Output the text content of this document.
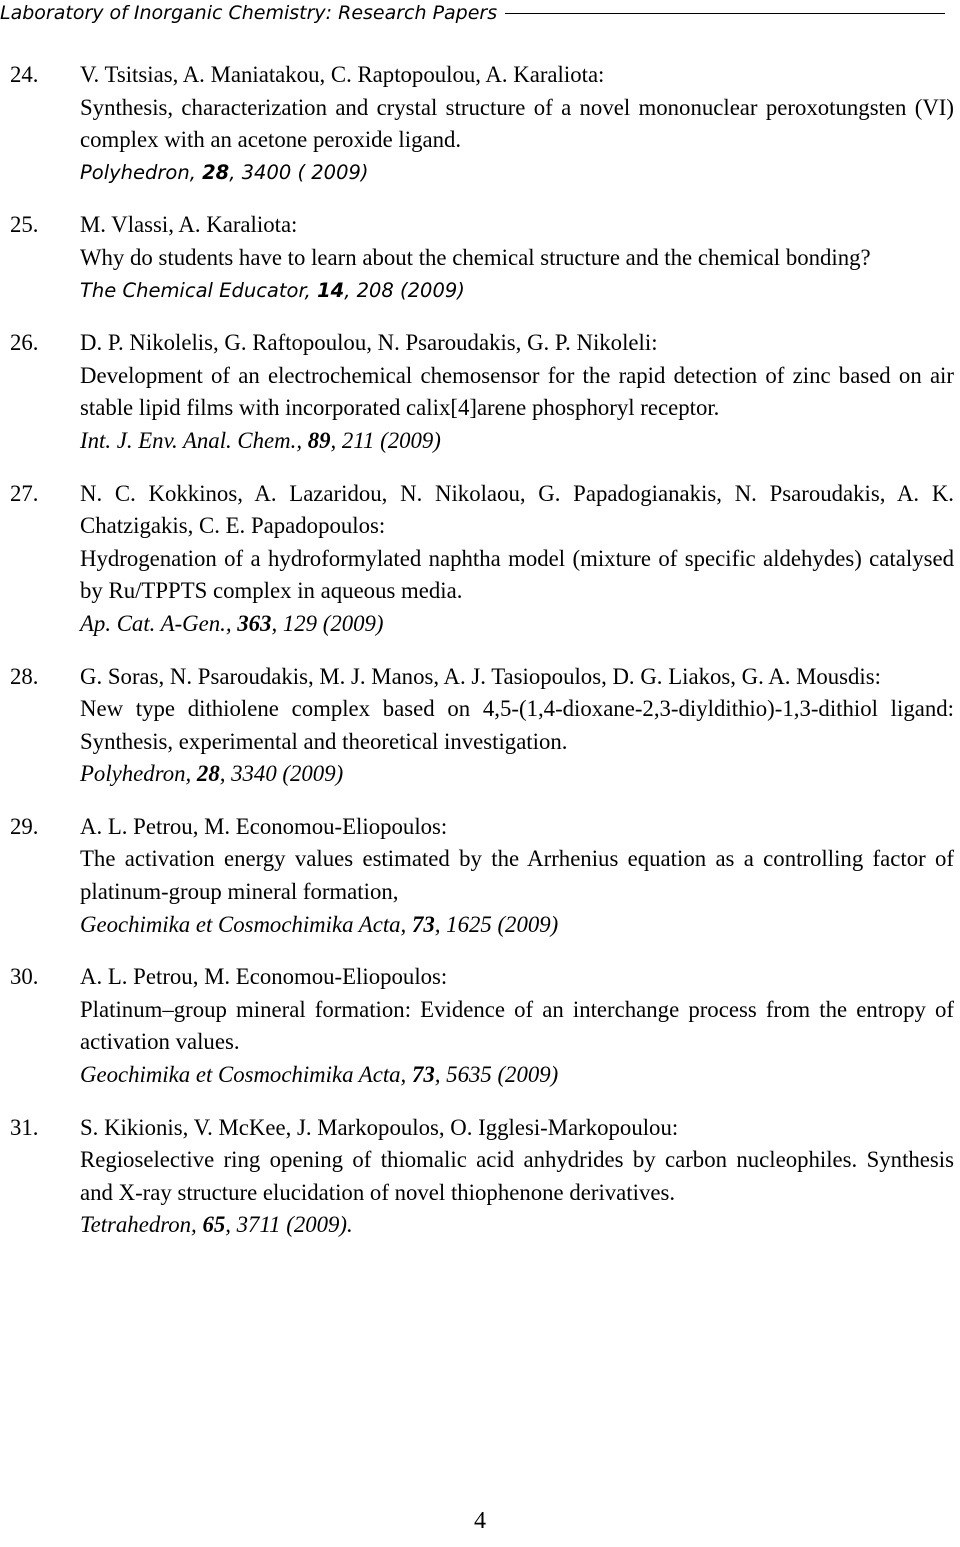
Laboratory of Inorganic Chemistry: Research Papers
24.	V. Tsitsias, A. Maniatakou, C. Raptopoulou, A. Karaliota:
Synthesis, characterization and crystal structure of a novel mononuclear peroxotungsten (VI) complex with an acetone peroxide ligand.
Polyhedron, 28, 3400 ( 2009)
25.	M. Vlassi, A. Karaliota:
Why do students have to learn about the chemical structure and the chemical bonding?
The Chemical Educator, 14, 208 (2009)
26.	D. P. Nikolelis, G. Raftopoulou, N. Psaroudakis, G. P. Nikoleli:
Development of an electrochemical chemosensor for the rapid detection of zinc based on air stable lipid films with incorporated calix[4]arene phosphoryl receptor.
Int. J. Env. Anal. Chem., 89, 211 (2009)
27.	N. C. Kokkinos, A. Lazaridou, N. Nikolaou, G. Papadogianakis, N. Psaroudakis, A. K. Chatzigakis, C. E. Papadopoulos:
Hydrogenation of a hydroformylated naphtha model (mixture of specific aldehydes) catalysed by Ru/TPPTS complex in aqueous media.
Ap. Cat. A-Gen., 363, 129 (2009)
28.	G. Soras, N. Psaroudakis, M. J. Manos, A. J. Tasiopoulos, D. G. Liakos, G. A. Mousdis:
New type dithiolene complex based on 4,5-(1,4-dioxane-2,3-diyldithio)-1,3-dithiol ligand: Synthesis, experimental and theoretical investigation.
Polyhedron, 28, 3340 (2009)
29.	A. L. Petrou, M. Economou-Eliopoulos:
The activation energy values estimated by the Arrhenius equation as a controlling factor of platinum-group mineral formation,
Geochimika et Cosmochimika Acta, 73, 1625 (2009)
30.	A. L. Petrou, M. Economou-Eliopoulos:
Platinum–group mineral formation: Evidence of an interchange process from the entropy of activation values.
Geochimika et Cosmochimika Acta, 73, 5635 (2009)
31.	S. Kikionis, V. McKee, J. Markopoulos, O. Igglesi-Markopoulou:
Regioselective ring opening of thiomalic acid anhydrides by carbon nucleophiles. Synthesis and X-ray structure elucidation of novel thiophenone derivatives.
Tetrahedron, 65, 3711 (2009).
4
